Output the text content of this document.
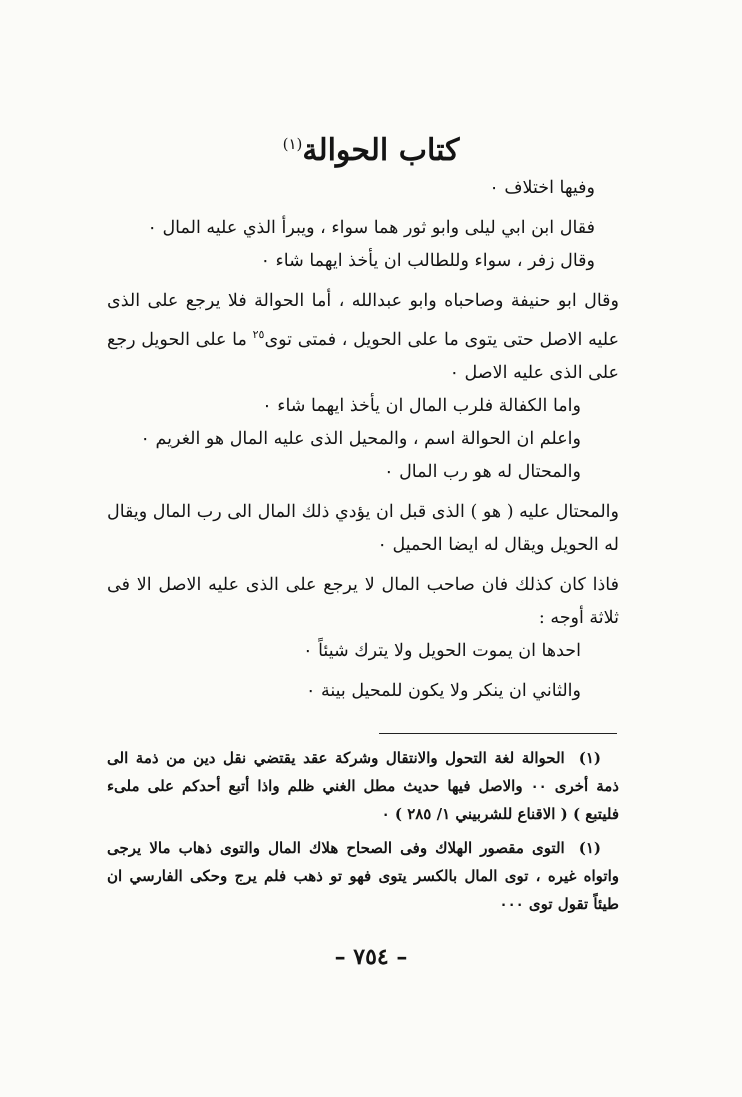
كتاب الحوالة$^{(١)}$

وفيها اختلاف ٠

فقال ابن ابي ليلى وابو ثور هما سواء ، ويبرأ الذي عليه المال ٠

وقال زفر ، سواء وللطالب ان يأخذ ايهما شاء ٠

وقال ابو حنيفة وصاحباه وابو عبدالله ، أما الحوالة فلا يرجع على الذى عليه الاصل حتى يتوى ما على الحويل ، فمتى توى$^{٢٥}$ ما على الحويل رجع على الذى عليه الاصل ٠

واما الكفالة فلرب المال ان يأخذ ايهما شاء ٠

واعلم ان الحوالة اسم ، والمحيل الذى عليه المال هو الغريم ٠

والمحتال له هو رب المال ٠

والمحتال عليه ( هو ) الذى قبل ان يؤدي ذلك المال الى رب المال ويقال له الحويل ويقال له ايضا الحميل ٠

فاذا كان كذلك فان صاحب المال لا يرجع على الذى عليه الاصل الا فى ثلاثة أوجه :

احدها ان يموت الحويل ولا يترك شيئاً ٠

والثاني ان ينكر ولا يكون للمحيل بينة ٠

(١)الحوالة لغة التحول والانتقال وشركة عقد يقتضي نقل دين من ذمة الى ذمة أخرى ٠٠ والاصل فيها حديث مطل الغني ظلم واذا أتبع أحدكم على ملىء فليتبع ) ( الاقناع للشربيني ١/ ٢٨٥ ) ٠

(١)التوى مقصور الهلاك وفى الصحاح هلاك المال والتوى ذهاب مالا يرجى واتواه غيره ، توى المال بالكسر يتوى فهو تو ذهب فلم يرج وحكى الفارسي ان طيئاً تقول توى ٠٠٠

– ٧٥٤ –
